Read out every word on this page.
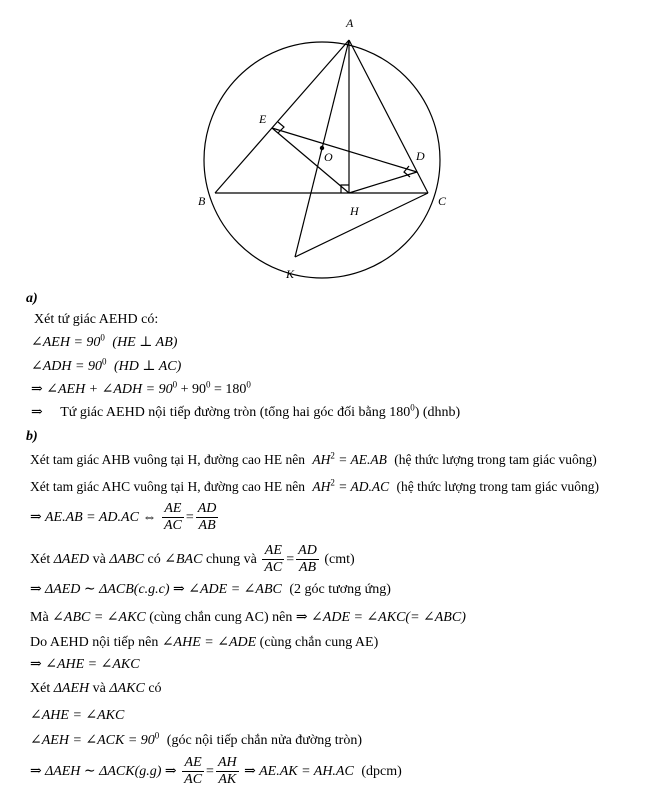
A
E
O	D
B
H
C
K
a)
Xét tứ giác AEHD có:
∠AEH = $90^0$ (HE ⊥ AB)
∠ADH = $90^0$ (HD ⊥ AC)
⇒ ∠AEH + ∠ADH = $90^0 + 90^0 = 180^0$
⇒ Tứ giác AEHD nội tiếp đường tròn (tổng hai góc đối bằng $180^0$) (dhnb)
b)
Xét tam giác AHB vuông tại H, đường cao HE nên $AH^2 = AE.AB$ (hệ thức lượng trong tam giác vuông)
Xét tam giác AHC vuông tại H, đường cao HE nên $AH^2 = AD.AC$ (hệ thức lượng trong tam giác vuông)
⇒ AE.AB = AD.AC ⇔ $\frac{AE}{AC} = \frac{AD}{AB}$
Xét ΔAED và ΔABC có ∠BAC chung và $\frac{AE}{AC} = \frac{AD}{AB} (cmt)$
⇒ ΔAED ∼ ΔACB(c.g.c) ⇒ ∠ADE = ∠ABC (2 góc tương ứng)
Mà ∠ABC = ∠AKC (cùng chắn cung AC) nên ⇒ ∠ADE = ∠AKC(= ∠ABC)
Do AEHD nội tiếp nên ∠AHE = ∠ADE (cùng chắn cung AE)
⇒ ∠AHE = ∠AKC
Xét ΔAEH và ΔAKC có
∠AHE = ∠AKC
∠AEH = ∠ACK = $90^0$ (góc nội tiếp chắn nửa đường tròn)
⇒ ΔAEH ∼ ΔACK(g.g) ⇒ $\frac{AE}{AC} = \frac{AH}{AK}$ ⇒ AE.AK = AH.AC (dpcm)
